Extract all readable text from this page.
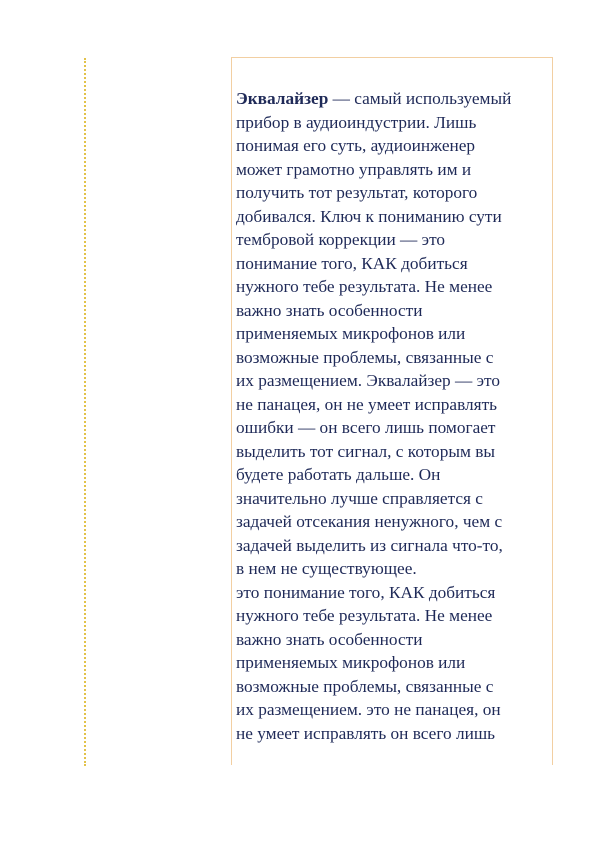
Эквалайзер — самый используемый
прибор в аудиоиндустрии. Лишь
понимая его суть, аудиоинженер
может грамотно управлять им и
получить тот результат, которого
добивался. Ключ к пониманию сути
тембровой коррекции — это
понимание того, КАК добиться
нужного тебе результата. Не менее
важно знать особенности
применяемых микрофонов или
возможные проблемы, связанные с
их размещением. Эквалайзер — это
не панацея, он не умеет исправлять
ошибки — он всего лишь помогает
выделить тот сигнал, с которым вы
будете работать дальше. Он
значительно лучше справляется с
задачей отсекания ненужного, чем с
задачей выделить из сигнала что-то,
в нем не существующее.

это понимание того, КАК добиться
нужного тебе результата. Не менее
важно знать особенности
применяемых микрофонов или
возможные проблемы, связанные с
их размещением. это не панацея, он
не умеет исправлять он всего лишь
